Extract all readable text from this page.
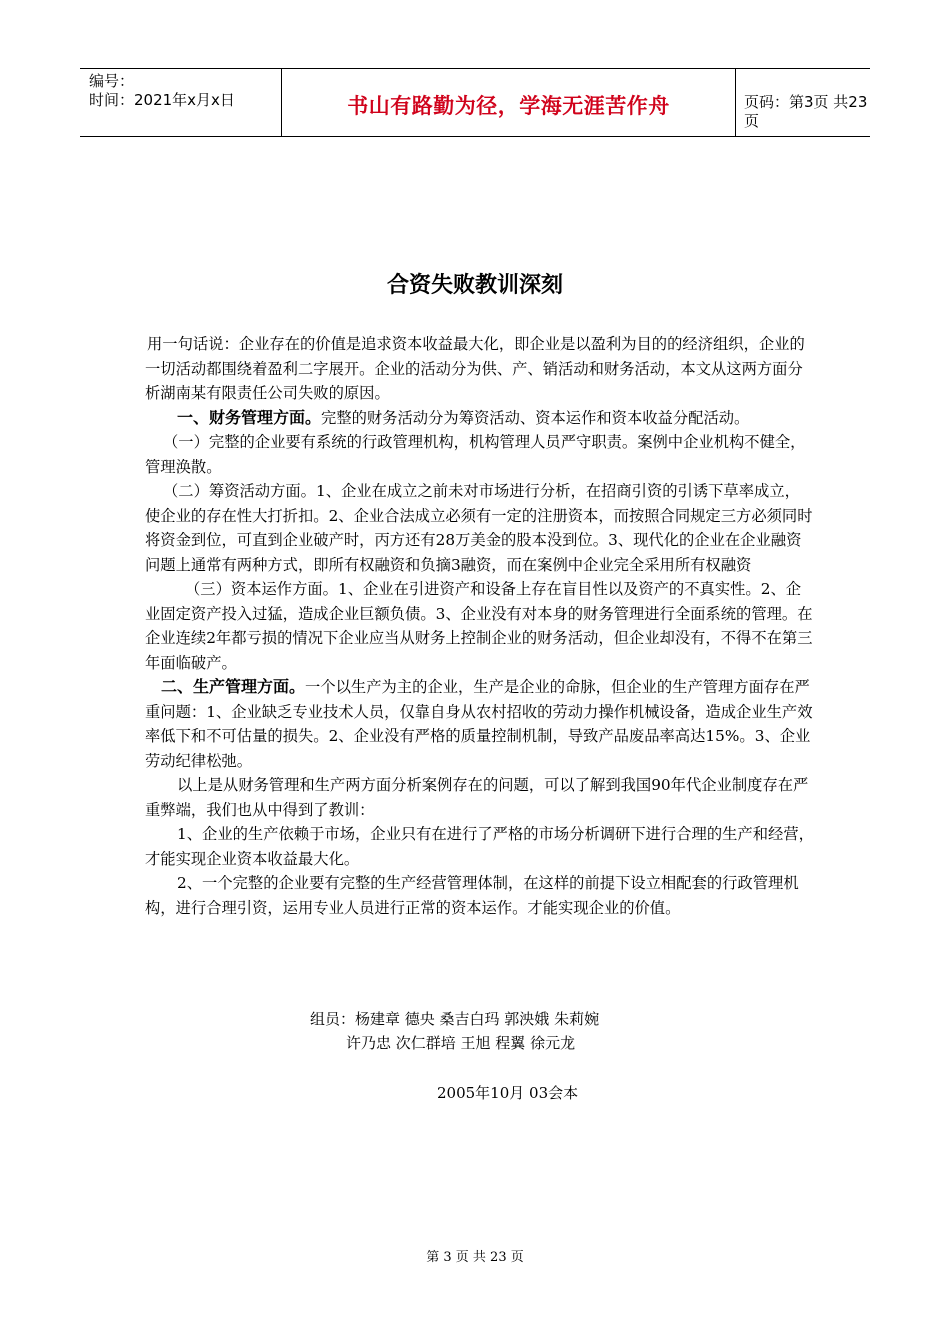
编号：
时间：2021年x月x日	书山有路勤为径，学海无涯苦作舟	页码：第3页 共23页
合资失败教训深刻

用一句话说：企业存在的价值是追求资本收益最大化，即企业是以盈利为目的的经济组织，企业的一切活动都围绕着盈利二字展开。企业的活动分为供、产、销活动和财务活动，本文从这两方面分析湖南某有限责任公司失败的原因。

一、财务管理方面。完整的财务活动分为筹资活动、资本运作和资本收益分配活动。

（一）完整的企业要有系统的行政管理机构，机构管理人员严守职责。案例中企业机构不健全，管理涣散。

（二）筹资活动方面。1、企业在成立之前未对市场进行分析，在招商引资的引诱下草率成立，使企业的存在性大打折扣。2、企业合法成立必须有一定的注册资本，而按照合同规定三方必须同时将资金到位，可直到企业破产时，丙方还有28万美金的股本没到位。3、现代化的企业在企业融资问题上通常有两种方式，即所有权融资和负摘3融资，而在案例中企业完全采用所有权融资

（三）资本运作方面。1、企业在引进资产和设备上存在盲目性以及资产的不真实性。2、企业固定资产投入过猛，造成企业巨额负债。3、企业没有对本身的财务管理进行全面系统的管理。在企业连续2年都亏损的情况下企业应当从财务上控制企业的财务活动，但企业却没有，不得不在第三年面临破产。

二、生产管理方面。一个以生产为主的企业，生产是企业的命脉，但企业的生产管理方面存在严重问题：1、企业缺乏专业技术人员，仅靠自身从农村招收的劳动力操作机械设备，造成企业生产效率低下和不可估量的损失。2、企业没有严格的质量控制机制，导致产品废品率高达15%。3、企业劳动纪律松弛。

以上是从财务管理和生产两方面分析案例存在的问题，可以了解到我国90年代企业制度存在严重弊端，我们也从中得到了教训：

1、企业的生产依赖于市场，企业只有在进行了严格的市场分析调研下进行合理的生产和经营，才能实现企业资本收益最大化。

2、一个完整的企业要有完整的生产经营管理体制，在这样的前提下设立相配套的行政管理机构，进行合理引资，运用专业人员进行正常的资本运作。才能实现企业的价值。

组员：杨建章 德央 桑吉白玛 郭泱娥 朱莉婉
许乃忠 次仁群培 王旭 程翼 徐元龙
2005年10月 03会本
第 3 页 共 23 页
